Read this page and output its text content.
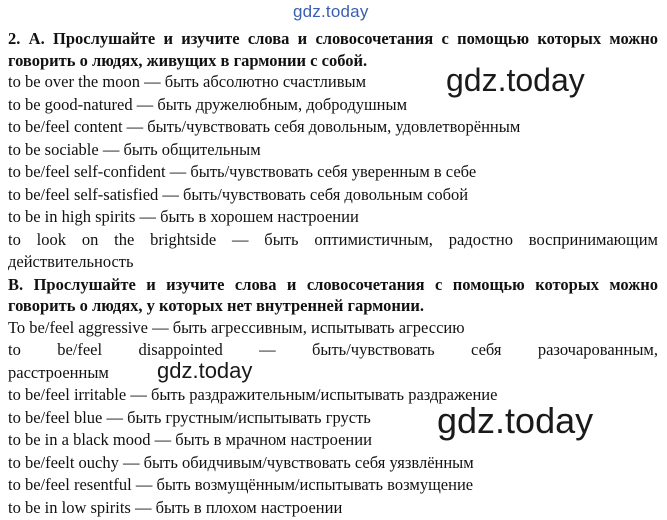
gdz.today

2. А. Прослушайте и изучите слова и словосочетания с помощью которых можно говорить о людях, живущих в гармонии с собой.

to be over the moon — быть абсолютно счастливым

to be good-natured — быть дружелюбным, добродушным

to be/feel content — быть/чувствовать себя довольным, удовлетворённым

to be sociable — быть общительным

to be/feel self-confident — быть/чувствовать себя уверенным в себе

to be/feel self-satisfied — быть/чувствовать себя довольным собой

to be in high spirits — быть в хорошем настроении

to look on the brightside — быть оптимистичным, радостно воспринимающим действительность

В. Прослушайте и изучите слова и словосочетания с помощью которых можно говорить о людях, у которых нет внутренней гармонии.

To be/feel aggressive — быть агрессивным, испытывать агрессию

to be/feel disappointed — быть/чувствовать себя разочарованным,

расстроенным

to be/feel irritable — быть раздражительным/испытывать раздражение

to be/feel blue — быть грустным/испытывать грусть

to be in a black mood — быть в мрачном настроении

to be/feelt ouchy — быть обидчивым/чувствовать себя уязвлённым

to be/feel resentful — быть возмущённым/испытывать возмущение

to be in low spirits — быть в плохом настроении

gdz.today
gdz.today
gdz.today
